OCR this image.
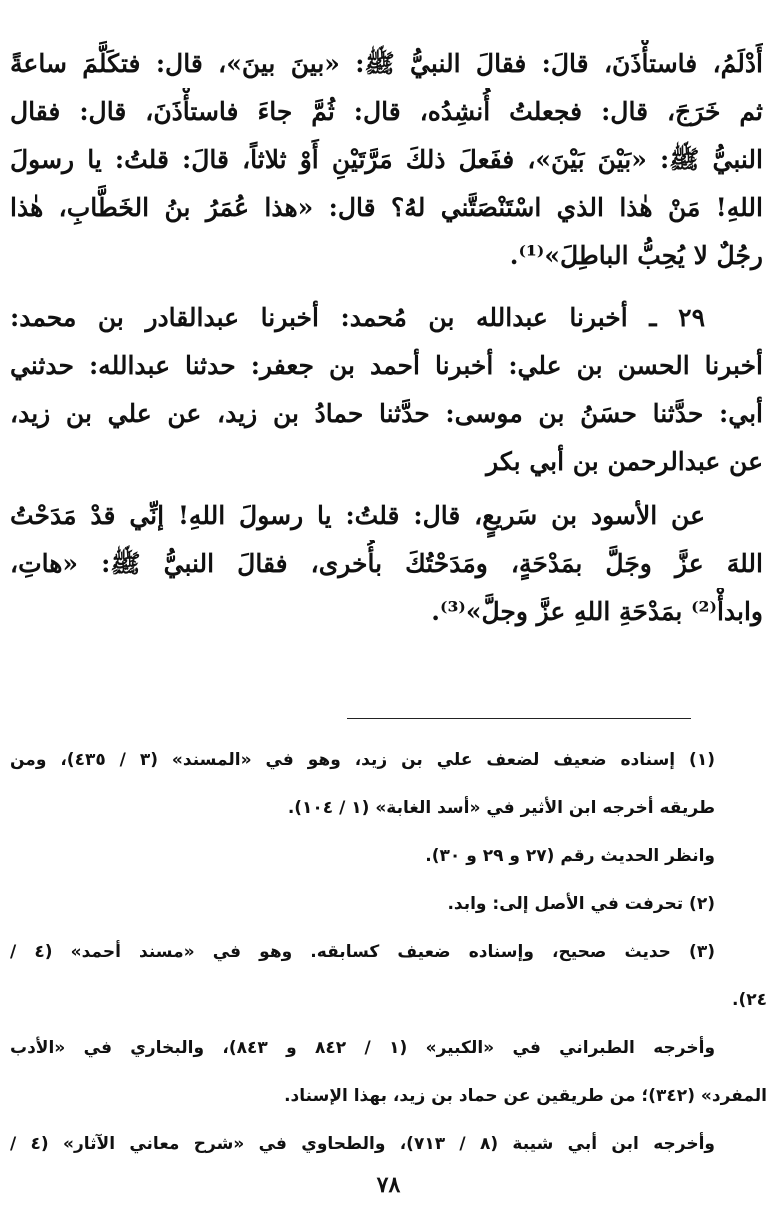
أَدْلَمُ، فاستأْذَنَ، قالَ: فقالَ النبيُّ ﷺ: «بينَ بينَ»، قال: فتكَلَّمَ ساعةً
ثم خَرَجَ، قال: فجعلتُ أُنشِدُه، قال: ثُمَّ جاءَ فاستأْذَنَ، قال: فقال
النبيُّ ﷺ: «بَيْنَ بَيْنَ»، ففَعلَ ذلكَ مَرَّتَيْنِ أَوْ ثلاثاً، قالَ: قلتُ: يا رسولَ
اللهِ! مَنْ هٰذا الذي اسْتَنْصَتَّني لهُ؟ قال: «هذا عُمَرُ بنُ الخَطَّابِ، هٰذا
رجُلٌ لا يُحِبُّ الباطِلَ»⁽¹⁾.
٢٩ ـ أخبرنا عبدالله بن مُحمد: أخبرنا عبدالقادر بن محمد:
أخبرنا الحسن بن علي: أخبرنا أحمد بن جعفر: حدثنا عبدالله: حدثني
أبي: حدَّثنا حسَنُ بن موسى: حدَّثنا حمادُ بن زيد، عن علي بن زيد،
عن عبدالرحمن بن أبي بكر
عن الأسود بن سَريعٍ، قال: قلتُ: يا رسولَ اللهِ! إنِّي قدْ مَدَحْتُ
اللهَ عزَّ وجَلَّ بمَدْحَةٍ، ومَدَحْتُكَ بأُخرى، فقالَ النبيُّ ﷺ: «هاتِ،
وابدأْ⁽²⁾ بمَدْحَةِ اللهِ عزَّ وجلَّ»⁽³⁾.
(١) إسناده ضعيف لضعف علي بن زيد، وهو في «المسند» (٣ / ٤٣٥)، ومن
طريقه أخرجه ابن الأثير في «أسد الغابة» (١ / ١٠٤).
وانظر الحديث رقم (٢٧ و ٢٩ و ٣٠).
(٢) تحرفت في الأصل إلى: وابد.
(٣) حديث صحيح، وإسناده ضعيف كسابقه. وهو في «مسند أحمد» (٤ /
٢٤).
وأخرجه الطبراني في «الكبير» (١ / ٨٤٢ و ٨٤٣)، والبخاري في «الأدب
المفرد» (٣٤٢)؛ من طريقين عن حماد بن زيد، بهذا الإسناد.
وأخرجه ابن أبي شيبة (٨ / ٧١٣)، والطحاوي في «شرح معاني الآثار» (٤ /
٧٨
